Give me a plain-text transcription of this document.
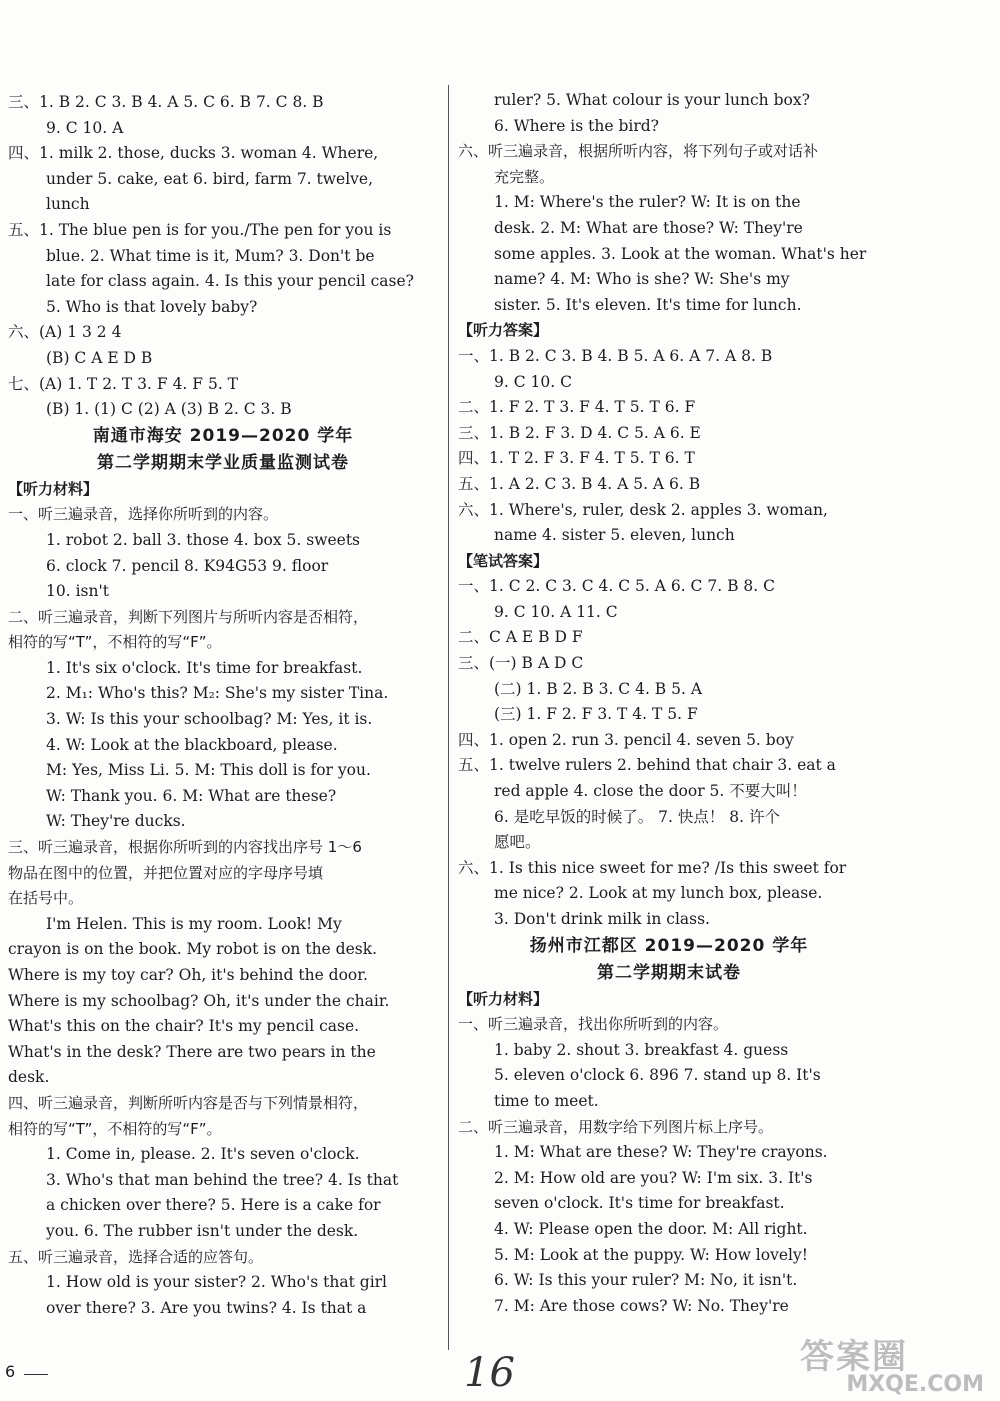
三、1. B 2. C 3. B 4. A 5. C 6. B 7. C 8. B
9. C 10. A
四、1. milk 2. those, ducks 3. woman 4. Where,
under 5. cake, eat 6. bird, farm 7. twelve,
lunch
五、1. The blue pen is for you./The pen for you is
blue. 2. What time is it, Mum? 3. Don't be
late for class again. 4. Is this your pencil case?
5. Who is that lovely baby?
六、(A) 1 3 2 4
(B) C A E D B
七、(A) 1. T 2. T 3. F 4. F 5. T
(B) 1. (1) C (2) A (3) B 2. C 3. B
南通市海安 2019—2020 学年
第二学期期末学业质量监测试卷
【听力材料】
一、听三遍录音，选择你所听到的内容。
1. robot 2. ball 3. those 4. box 5. sweets
6. clock 7. pencil 8. K94G53 9. floor
10. isn't
二、听三遍录音，判断下列图片与所听内容是否相符，
相符的写“T”，不相符的写“F”。
1. It's six o'clock. It's time for breakfast.
2. M₁: Who's this? M₂: She's my sister Tina.
3. W: Is this your schoolbag? M: Yes, it is.
4. W: Look at the blackboard, please.
M: Yes, Miss Li. 5. M: This doll is for you.
W: Thank you. 6. M: What are these?
W: They're ducks.
三、听三遍录音，根据你所听到的内容找出序号 1～6
物品在图中的位置，并把位置对应的字母序号填
在括号中。
I'm Helen. This is my room. Look! My
crayon is on the book. My robot is on the desk.
Where is my toy car? Oh, it's behind the door.
Where is my schoolbag? Oh, it's under the chair.
What's this on the chair? It's my pencil case.
What's in the desk? There are two pears in the
desk.
四、听三遍录音，判断所听内容是否与下列情景相符，
相符的写“T”，不相符的写“F”。
1. Come in, please. 2. It's seven o'clock.
3. Who's that man behind the tree? 4. Is that
a chicken over there? 5. Here is a cake for
you. 6. The rubber isn't under the desk.
五、听三遍录音，选择合适的应答句。
1. How old is your sister? 2. Who's that girl
over there? 3. Are you twins? 4. Is that a
ruler? 5. What colour is your lunch box?
6. Where is the bird?
六、听三遍录音，根据所听内容，将下列句子或对话补
充完整。
1. M: Where's the ruler? W: It is on the
desk. 2. M: What are those? W: They're
some apples. 3. Look at the woman. What's her
name? 4. M: Who is she? W: She's my
sister. 5. It's eleven. It's time for lunch.
【听力答案】
一、1. B 2. C 3. B 4. B 5. A 6. A 7. A 8. B
9. C 10. C
二、1. F 2. T 3. F 4. T 5. T 6. F
三、1. B 2. F 3. D 4. C 5. A 6. E
四、1. T 2. F 3. F 4. T 5. T 6. T
五、1. A 2. C 3. B 4. A 5. A 6. B
六、1. Where's, ruler, desk 2. apples 3. woman,
name 4. sister 5. eleven, lunch
【笔试答案】
一、1. C 2. C 3. C 4. C 5. A 6. C 7. B 8. C
9. C 10. A 11. C
二、C A E B D F
三、(一) B A D C
(二) 1. B 2. B 3. C 4. B 5. A
(三) 1. F 2. F 3. T 4. T 5. F
四、1. open 2. run 3. pencil 4. seven 5. boy
五、1. twelve rulers 2. behind that chair 3. eat a
red apple 4. close the door 5. 不要大叫！
6. 是吃早饭的时候了。 7. 快点！ 8. 许个
愿吧。
六、1. Is this nice sweet for me? /Is this sweet for
me nice? 2. Look at my lunch box, please.
3. Don't drink milk in class.
扬州市江都区 2019—2020 学年
第二学期期末试卷
【听力材料】
一、听三遍录音，找出你所听到的内容。
1. baby 2. shout 3. breakfast 4. guess
5. eleven o'clock 6. 896 7. stand up 8. It's
time to meet.
二、听三遍录音，用数字给下列图片标上序号。
1. M: What are these? W: They're crayons.
2. M: How old are you? W: I'm six. 3. It's
seven o'clock. It's time for breakfast.
4. W: Please open the door. M: All right.
5. M: Look at the puppy. W: How lovely!
6. W: Is this your ruler? M: No, it isn't.
7. M: Are those cows? W: No. They're
6	16	答案圈
MXQE.COM
